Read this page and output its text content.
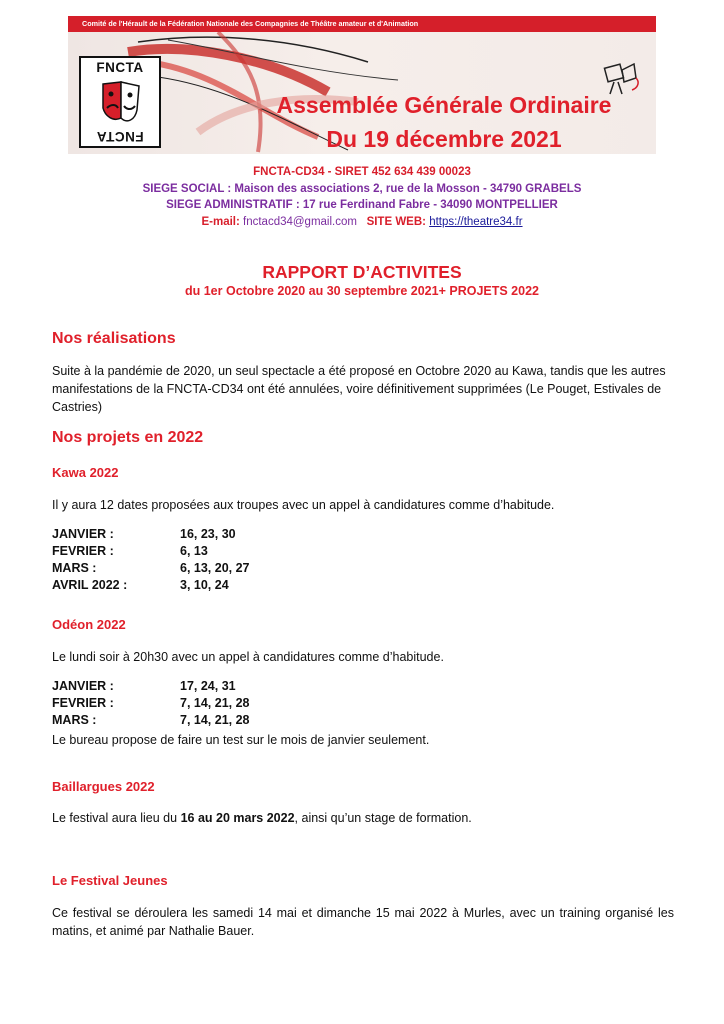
Comité de l'Hérault de la Fédération Nationale des Compagnies de Théâtre amateur et d'Animation
FNCTA
FNCTA
Assemblée Générale Ordinaire
Du 19 décembre 2021
FNCTA-CD34 - SIRET 452 634 439 00023
SIEGE SOCIAL : Maison des associations 2, rue de la Mosson - 34790 GRABELS
SIEGE ADMINISTRATIF : 17 rue Ferdinand Fabre - 34090 MONTPELLIER
E-mail: fnctacd34@gmail.com SITE WEB: https://theatre34.fr
RAPPORT D’ACTIVITES
du 1er Octobre 2020 au 30 septembre 2021+ PROJETS 2022
Nos réalisations
Suite à la pandémie de 2020, un seul spectacle a été proposé en Octobre 2020 au Kawa, tandis que les autres manifestations de la FNCTA-CD34 ont été annulées, voire définitivement supprimées (Le Pouget, Estivales de Castries)
Nos projets en 2022
Kawa 2022
Il y aura 12 dates proposées aux troupes avec un appel à candidatures comme d’habitude.
JANVIER :	16, 23, 30
FEVRIER :	6, 13
MARS :	6, 13, 20, 27
AVRIL 2022 :	3, 10, 24
Odéon 2022
Le lundi soir à 20h30 avec un appel à candidatures comme d’habitude.
JANVIER :	17, 24, 31
FEVRIER :	7, 14, 21, 28
MARS :	7, 14, 21, 28
Le bureau propose de faire un test sur le mois de janvier seulement.
Baillargues 2022
Le festival aura lieu du 16 au 20 mars 2022, ainsi qu’un stage de formation.
Le Festival Jeunes
Ce festival se déroulera les samedi 14 mai et dimanche 15 mai 2022 à Murles, avec un training organisé les matins, et animé par Nathalie Bauer.
